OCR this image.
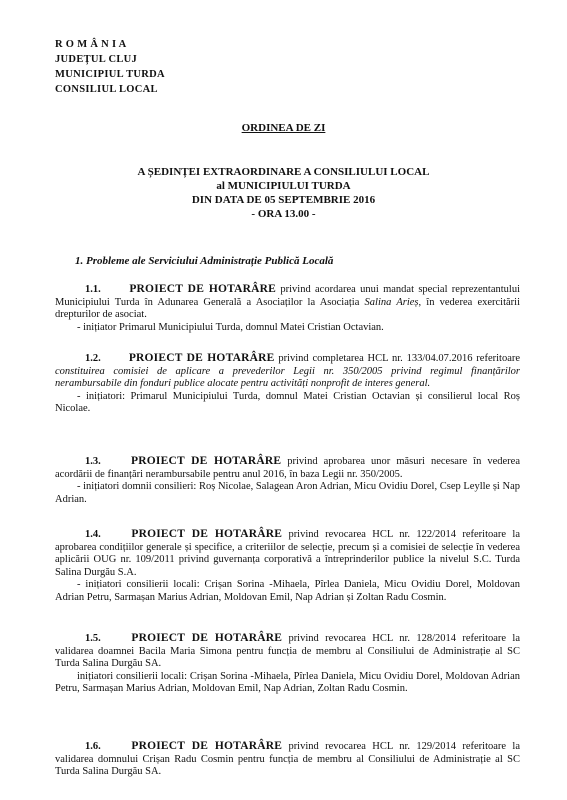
R O M Â N I A
JUDEȚUL CLUJ
MUNICIPIUL TURDA
CONSILIUL LOCAL
ORDINEA DE ZI
A ȘEDINȚEI EXTRAORDINARE A CONSILIULUI LOCAL
al MUNICIPIULUI TURDA
DIN DATA DE 05 SEPTEMBRIE 2016
- ORA 13.00 -
1. Probleme ale Serviciului Administrație Publică Locală
1.1. PROIECT DE HOTARÂRE privind acordarea unui mandat special reprezentantului Municipiului Turda în Adunarea Generală a Asociaților la Asociația Salina Arieș, în vederea exercitării drepturilor de asociat.
- inițiator Primarul Municipiului Turda, domnul Matei Cristian Octavian.
1.2. PROIECT DE HOTARÂRE privind completarea HCL nr. 133/04.07.2016 referitoare constituirea comisiei de aplicare a prevederilor Legii nr. 350/2005 privind regimul finanțărilor nerambursabile din fonduri publice alocate pentru activități nonprofit de interes general.
- inițiatori: Primarul Municipiului Turda, domnul Matei Cristian Octavian și consilierul local Roș Nicolae.
1.3.	PROIECT DE HOTARÂRE privind aprobarea unor măsuri necesare în vederea acordării de finanțări nerambursabile pentru anul 2016, în baza Legii nr. 350/2005.
- inițiatori domnii consilieri: Roș Nicolae, Salagean Aron Adrian, Micu Ovidiu Dorel, Csep Leylle și Nap Adrian.
1.4.	PROIECT DE HOTARÂRE privind revocarea HCL nr. 122/2014 referitoare la aprobarea condițiilor generale și specifice, a criteriilor de selecție, precum și a comisiei de selecție în vederea aplicării OUG nr. 109/2011 privind guvernanța corporativă a întreprinderilor publice la nivelul S.C. Turda Salina Durgău S.A.
- inițiatori consilierii locali: Crișan Sorina -Mihaela, Pîrlea Daniela, Micu Ovidiu Dorel, Moldovan Adrian Petru, Sarmașan Marius Adrian, Moldovan Emil, Nap Adrian și Zoltan Radu Cosmin.
1.5.	PROIECT DE HOTARÂRE privind revocarea HCL nr. 128/2014 referitoare la validarea doamnei Bacila Maria Simona pentru funcția de membru al Consiliului de Administrație al SC Turda Salina Durgău SA.
inițiatori consilierii locali: Crișan Sorina -Mihaela, Pîrlea Daniela, Micu Ovidiu Dorel, Moldovan Adrian Petru, Sarmașan Marius Adrian, Moldovan Emil, Nap Adrian, Zoltan Radu Cosmin.
1.6.	PROIECT DE HOTARÂRE privind revocarea HCL nr. 129/2014 referitoare la validarea domnului Crișan Radu Cosmin pentru funcția de membru al Consiliului de Administrație al SC Turda Salina Durgău SA.
